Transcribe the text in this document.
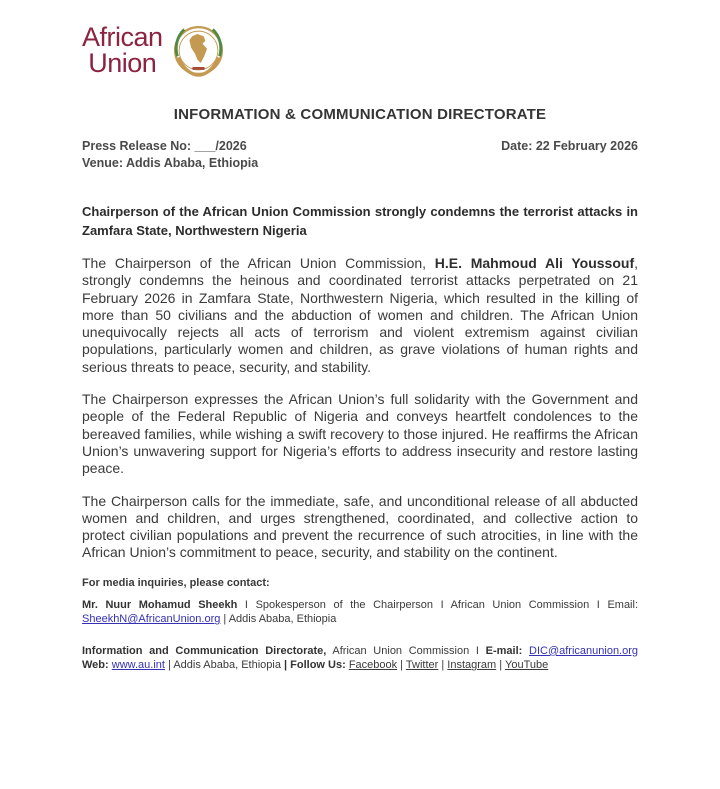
African
Union
INFORMATION & COMMUNICATION DIRECTORATE
Press Release No: ___/2026	Date: 22 February 2026
Venue: Addis Ababa, Ethiopia
Chairperson of the African Union Commission strongly condemns the terrorist attacks in Zamfara State, Northwestern Nigeria

The Chairperson of the African Union Commission, H.E. Mahmoud Ali Youssouf, strongly condemns the heinous and coordinated terrorist attacks perpetrated on 21 February 2026 in Zamfara State, Northwestern Nigeria, which resulted in the killing of more than 50 civilians and the abduction of women and children. The African Union unequivocally rejects all acts of terrorism and violent extremism against civilian populations, particularly women and children, as grave violations of human rights and serious threats to peace, security, and stability.

The Chairperson expresses the African Union’s full solidarity with the Government and people of the Federal Republic of Nigeria and conveys heartfelt condolences to the bereaved families, while wishing a swift recovery to those injured. He reaffirms the African Union’s unwavering support for Nigeria’s efforts to address insecurity and restore lasting peace.

The Chairperson calls for the immediate, safe, and unconditional release of all abducted women and children, and urges strengthened, coordinated, and collective action to protect civilian populations and prevent the recurrence of such atrocities, in line with the African Union’s commitment to peace, security, and stability on the continent.

For media inquiries, please contact:

Mr. Nuur Mohamud Sheekh I Spokesperson of the Chairperson I African Union Commission I Email:

SheekhN@AfricanUnion.org | Addis Ababa, Ethiopia

Information and Communication Directorate, African Union Commission I E-mail: DIC@africanunion.org

Web: www.au.int | Addis Ababa, Ethiopia | Follow Us: Facebook | Twitter | Instagram | YouTube
